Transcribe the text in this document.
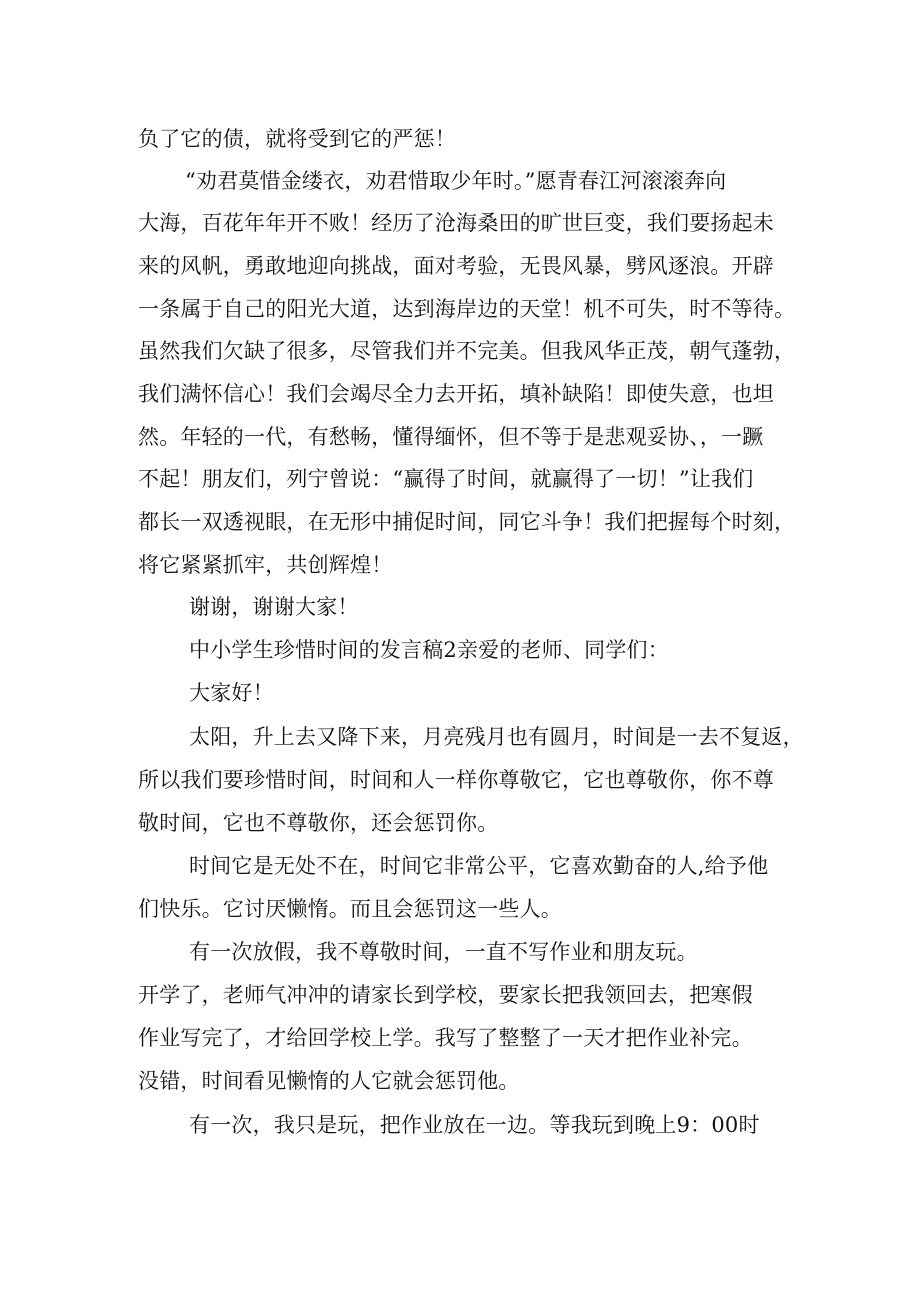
负了它的债，就将受到它的严惩！
“劝君莫惜金缕衣，劝君惜取少年时。”愿青春江河滚滚奔向
大海，百花年年开不败！经历了沧海桑田的旷世巨变，我们要扬起未
来的风帆，勇敢地迎向挑战，面对考验，无畏风暴，劈风逐浪。开辟
一条属于自己的阳光大道，达到海岸边的天堂！机不可失，时不等待。
虽然我们欠缺了很多，尽管我们并不完美。但我风华正茂，朝气蓬勃，
我们满怀信心！我们会竭尽全力去开拓，填补缺陷！即使失意，也坦
然。年轻的一代，有愁畅，懂得缅怀，但不等于是悲观妥协、，一蹶
不起！朋友们，列宁曾说：“赢得了时间，就赢得了一切！”让我们
都长一双透视眼，在无形中捕促时间，同它斗争！我们把握每个时刻，
将它紧紧抓牢，共创辉煌！
谢谢，谢谢大家！
中小学生珍惜时间的发言稿2亲爱的老师、同学们：
大家好！
太阳，升上去又降下来，月亮残月也有圆月，时间是一去不复返，
所以我们要珍惜时间，时间和人一样你尊敬它，它也尊敬你，你不尊
敬时间，它也不尊敬你，还会惩罚你。
时间它是无处不在，时间它非常公平，它喜欢勤奋的人,给予他
们快乐。它讨厌懒惰。而且会惩罚这一些人。
有一次放假，我不尊敬时间，一直不写作业和朋友玩。
开学了，老师气冲冲的请家长到学校，要家长把我领回去，把寒假
作业写完了，才给回学校上学。我写了整整了一天才把作业补完。
没错，时间看见懒惰的人它就会惩罚他。
有一次，我只是玩，把作业放在一边。等我玩到晚上9：00时
